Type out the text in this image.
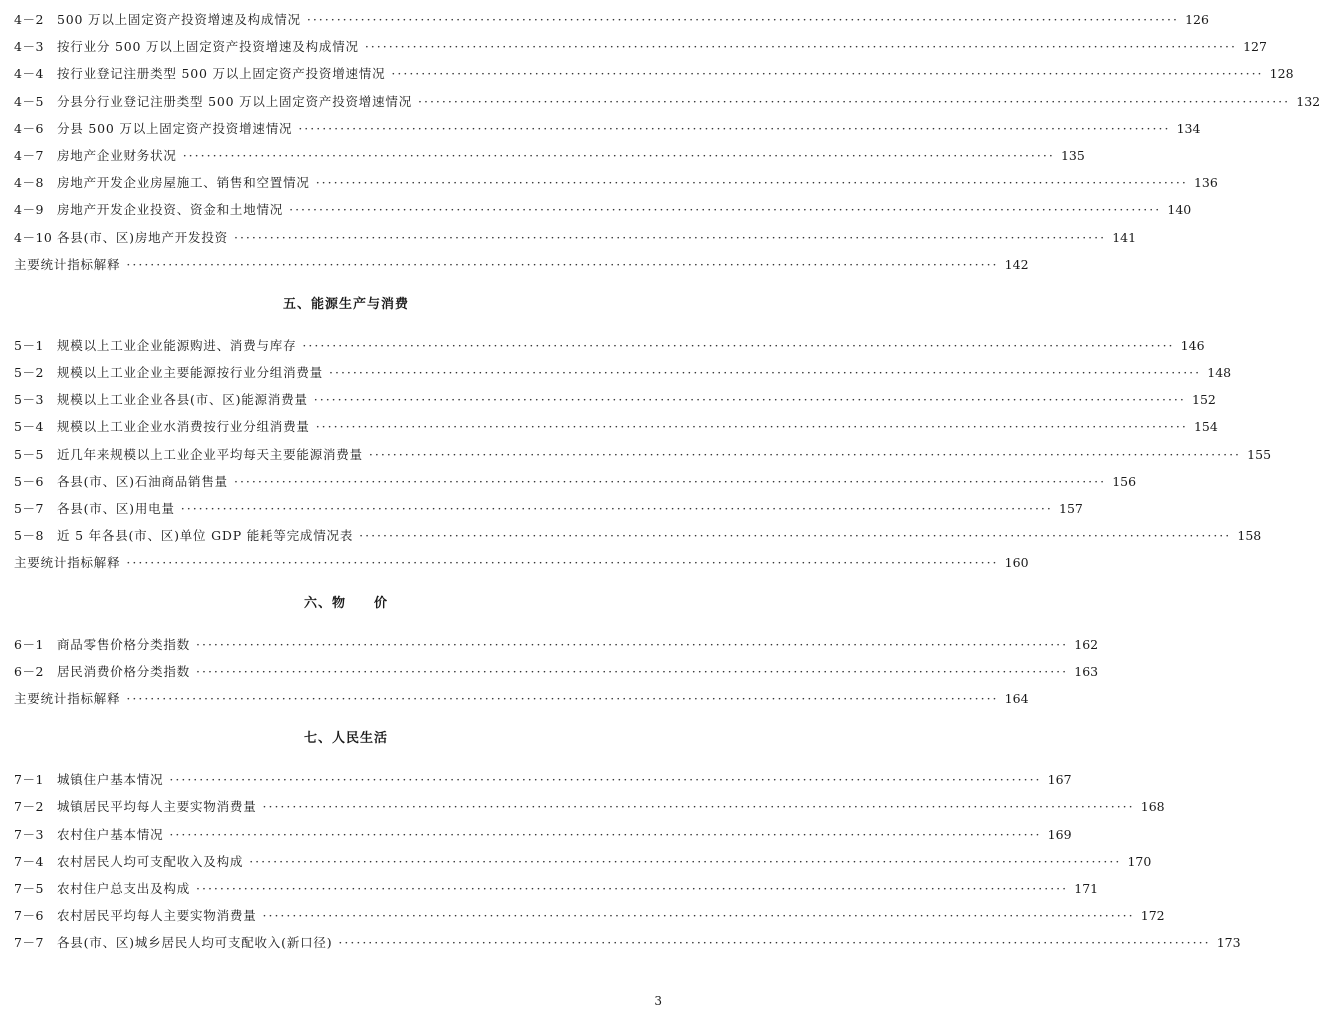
4－2	500 万以上固定资产投资增速及构成情况 ·····	126
4－3	按行业分 500 万以上固定资产投资增速及构成情况 ·····	127
4－4	按行业登记注册类型 500 万以上固定资产投资增速情况 ·····	128
4－5	分县分行业登记注册类型 500 万以上固定资产投资增速情况 ·····	132
4－6	分县 500 万以上固定资产投资增速情况 ·····	134
4－7	房地产企业财务状况 ·····	135
4－8	房地产开发企业房屋施工、销售和空置情况 ·····	136
4－9	房地产开发企业投资、资金和土地情况 ·····	140
4－10 各县(市、区)房地产开发投资 ·····	141
主要统计指标解释 ·····	142
五、能源生产与消费
5－1	规模以上工业企业能源购进、消费与库存 ·····	146
5－2	规模以上工业企业主要能源按行业分组消费量 ·····	148
5－3	规模以上工业企业各县(市、区)能源消费量 ·····	152
5－4	规模以上工业企业水消费按行业分组消费量 ·····	154
5－5	近几年来规模以上工业企业平均每天主要能源消费量 ·····	155
5－6	各县(市、区)石油商品销售量 ·····	156
5－7	各县(市、区)用电量 ·····	157
5－8	近 5 年各县(市、区)单位 GDP 能耗等完成情况表 ·····	158
主要统计指标解释 ·····	160
六、物　　价
6－1	商品零售价格分类指数 ·····	162
6－2	居民消费价格分类指数 ·····	163
主要统计指标解释 ·····	164
七、人民生活
7－1	城镇住户基本情况 ·····	167
7－2	城镇居民平均每人主要实物消费量 ·····	168
7－3	农村住户基本情况 ·····	169
7－4	农村居民人均可支配收入及构成 ·····	170
7－5	农村住户总支出及构成 ·····	171
7－6	农村居民平均每人主要实物消费量 ·····	172
7－7	各县(市、区)城乡居民人均可支配收入(新口径) ·····	173
3
